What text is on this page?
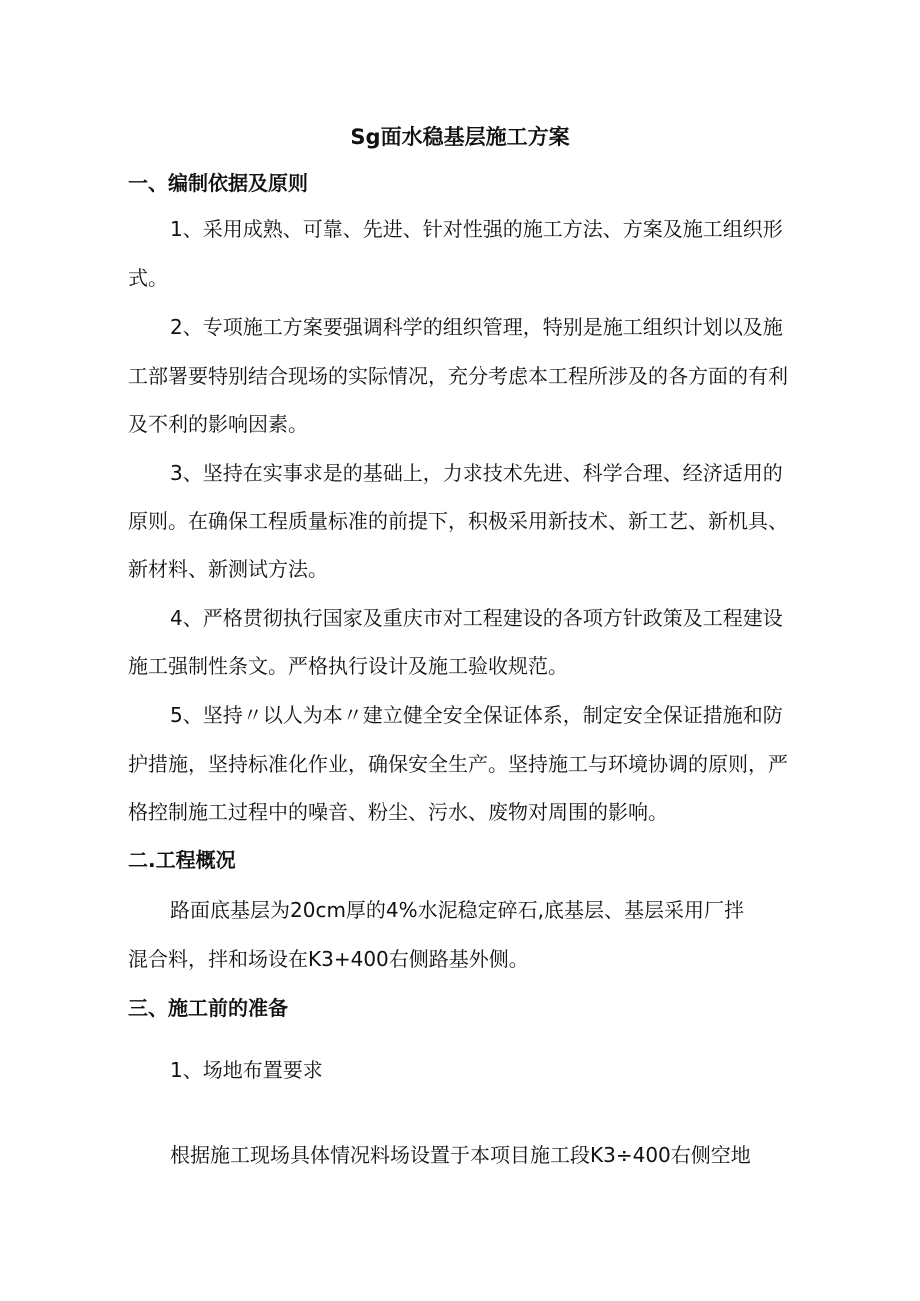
Sg面水稳基层施工方案
一、编制依据及原则
1、采用成熟、可靠、先进、针对性强的施工方法、方案及施工组织形
式。
2、专项施工方案要强调科学的组织管理，特别是施工组织计划以及施
工部署要特别结合现场的实际情况，充分考虑本工程所涉及的各方面的有利
及不利的影响因素。
3、坚持在实事求是的基础上，力求技术先进、科学合理、经济适用的
原则。在确保工程质量标准的前提下，积极采用新技术、新工艺、新机具、
新材料、新测试方法。
4、严格贯彻执行国家及重庆市对工程建设的各项方针政策及工程建设
施工强制性条文。严格执行设计及施工验收规范。
5、坚持〃以人为本〃建立健全安全保证体系，制定安全保证措施和防
护措施，坚持标准化作业，确保安全生产。坚持施工与环境协调的原则，严
格控制施工过程中的噪音、粉尘、污水、废物对周围的影响。
二.工程概况
路面底基层为20cm厚的4%水泥稳定碎石,底基层、基层采用厂拌
混合料，拌和场设在K3+400右侧路基外侧。
三、施工前的准备
1、场地布置要求
根据施工现场具体情况料场设置于本项目施工段K3÷400右侧空地
